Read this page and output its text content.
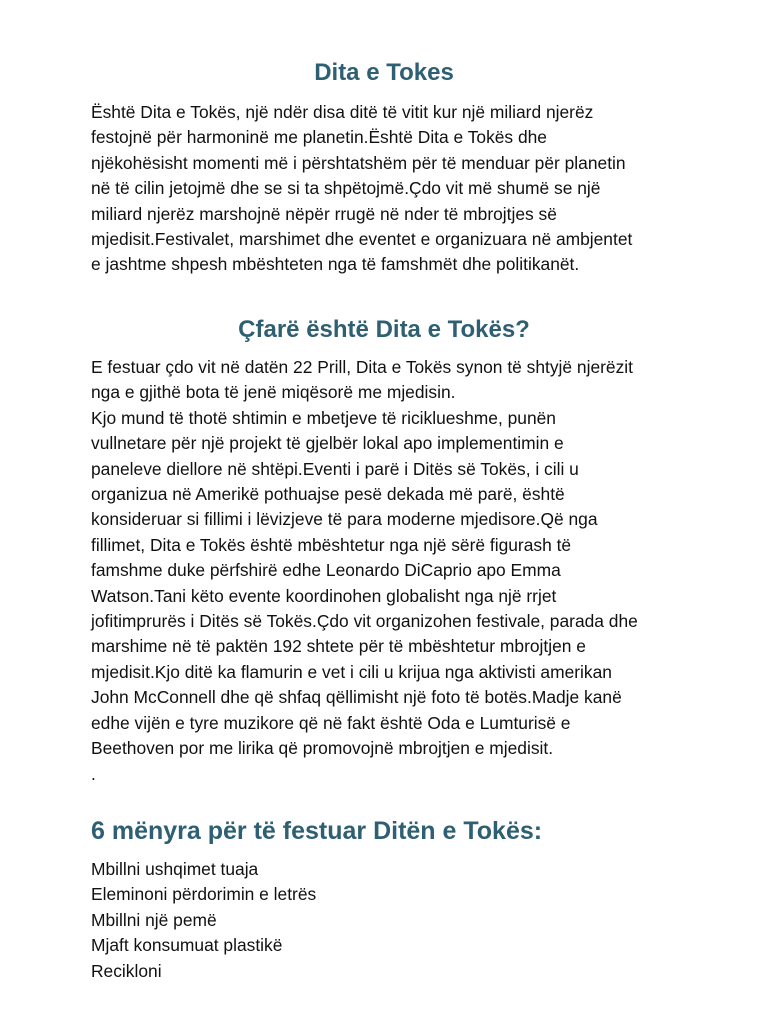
Dita e Tokes

Është Dita e Tokës, një ndër disa ditë të vitit kur një miliard njerëz
festojnë për harmoninë me planetin.Është Dita e Tokës dhe
njëkohësisht momenti më i përshtatshëm për të menduar për planetin
në të cilin jetojmë dhe se si ta shpëtojmë.Çdo vit më shumë se një
miliard njerëz marshojnë nëpër rrugë në nder të mbrojtjes së
mjedisit.Festivalet, marshimet dhe eventet e organizuara në ambjentet
e jashtme shpesh mbështeten nga të famshmët dhe politikanët.

Çfarë është Dita e Tokës?

E festuar çdo vit në datën 22 Prill, Dita e Tokës synon të shtyjë njerëzit
nga e gjithë bota të jenë miqësorë me mjedisin.
Kjo mund të thotë shtimin e mbetjeve të riciklueshme, punën
vullnetare për një projekt të gjelbër lokal apo implementimin e
paneleve diellore në shtëpi.Eventi i parë i Ditës së Tokës, i cili u
organizua në Amerikë pothuajse pesë dekada më parë, është
konsideruar si fillimi i lëvizjeve të para moderne mjedisore.Që nga
fillimet, Dita e Tokës është mbështetur nga një sërë figurash të
famshme duke përfshirë edhe Leonardo DiCaprio apo Emma
Watson.Tani këto evente koordinohen globalisht nga një rrjet
jofitimprurës i Ditës së Tokës.Çdo vit organizohen festivale, parada dhe
marshime në të paktën 192 shtete për të mbështetur mbrojtjen e
mjedisit.Kjo ditë ka flamurin e vet i cili u krijua nga aktivisti amerikan
John McConnell dhe që shfaq qëllimisht një foto të botës.Madje kanë
edhe vijën e tyre muzikore që në fakt është Oda e Lumturisë e
Beethoven por me lirika që promovojnë mbrojtjen e mjedisit.
.

6 mënyra për të festuar Ditën e Tokës:
Mbillni ushqimet tuaja
Eleminoni përdorimin e letrës
Mbillni një pemë
Mjaft konsumuat plastikë
Recikloni
